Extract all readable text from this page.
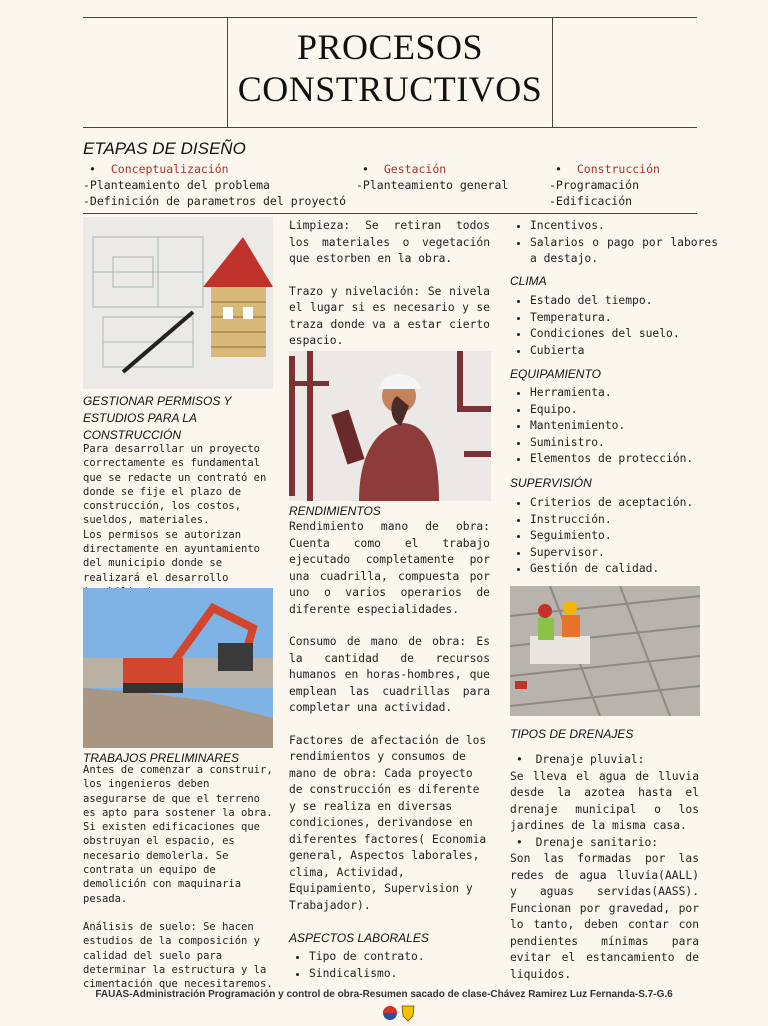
PROCESOS
CONSTRUCTIVOS
ETAPAS DE DISEÑO
• Conceptualización
-Planteamiento del problema
-Definición de parametros del proyectó
• Gestación
-Planteamiento general
• Construcción
-Programación
-Edificación
GESTIONAR PERMISOS Y ESTUDIOS PARA LA CONSTRUCCIÓN
Para desarrollar un proyecto correctamente es fundamental que se redacte un contrató en donde se fije el plazo de construcción, los costos, sueldos, materiales.
Los permisos se autorizan directamente en ayuntamiento del municipio donde se realizará el desarrollo
TRABAJOS PRELIMINARES
Antes de comenzar a construir, los ingenieros deben asegurarse de que el terreno es apto para sostener la obra. Si existen edificaciones que obstruyan el espacio, es necesario demolerla. Se contrata un equipo de demolición con maquinaria pesada.
Análisis de suelo: Se hacen estudios de la composición y calidad del suelo para determinar la estructura y la cimentación que necesitaremos.
Limpieza: Se retiran todos los materiales o vegetación que estorben en la obra.
Trazo y nivelación: Se nivela el lugar si es necesario y se traza donde va a estar cierto espacio.
RENDIMIENTOS
Rendimiento mano de obra: Cuenta como el trabajo ejecutado completamente por una cuadrilla, compuesta por uno o varios operarios de diferente especialidades.
Consumo de mano de obra: Es la cantidad de recursos humanos en horas-hombres, que emplean las cuadrillas para completar una actividad.
Factores de afectación de los rendimientos y consumos de mano de obra: Cada proyecto de construcción es diferente y se realiza en diversas condiciones, derivandose en diferentes factores( Economia general, Aspectos laborales, clima, Actividad, Equipamiento, Supervision y Trabajador).
ASPECTOS LABORALES
• Tipo de contrato.
• Sindicalismo.
• Incentivos.
• Salarios o pago por labores a destajo.
CLIMA
• Estado del tiempo.
• Temperatura.
• Condiciones del suelo.
• Cubierta
EQUIPAMIENTO
• Herramienta.
• Equipo.
• Mantenimiento.
• Suministro.
• Elementos de protección.
SUPERVISIÓN
• Criterios de aceptación.
• Instrucción.
• Seguimiento.
• Supervisor.
• Gestión de calidad.
TIPOS DE DRENAJES
• Drenaje pluvial:
Se lleva el agua de lluvia desde la azotea hasta el drenaje municipal o los jardines de la misma casa.
• Drenaje sanitario:
Son las formadas por las redes de agua lluvia(AALL) y aguas servidas(AASS). Funcionan por gravedad, por lo tanto, deben contar con pendientes mínimas para evitar el estancamiento de liquidos.
FAUAS-Administración Programación y control de obra-Resumen sacado de clase-Chávez Ramirez Luz Fernanda-S.7-G.6
